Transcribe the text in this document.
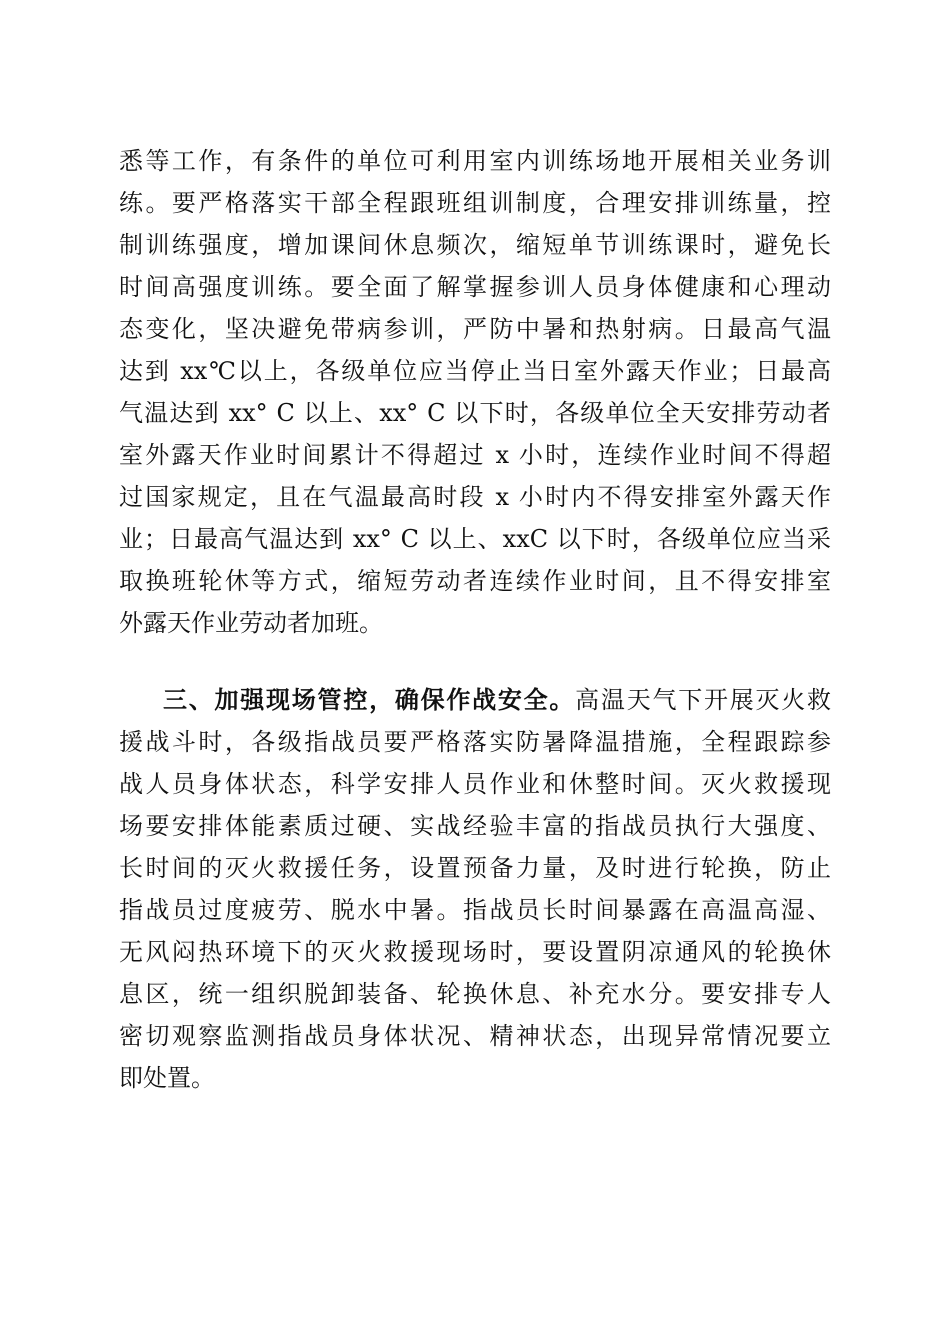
悉等工作，有条件的单位可利用室内训练场地开展相关业务训
练。要严格落实干部全程跟班组训制度，合理安排训练量，控
制训练强度，增加课间休息频次，缩短单节训练课时，避免长
时间高强度训练。要全面了解掌握参训人员身体健康和心理动
态变化，坚决避免带病参训，严防中暑和热射病。日最高气温
达到 xx℃以上，各级单位应当停止当日室外露天作业；日最高
气温达到 xx° C 以上、xx° C 以下时，各级单位全天安排劳动者
室外露天作业时间累计不得超过 x 小时，连续作业时间不得超
过国家规定，且在气温最高时段 x 小时内不得安排室外露天作
业；日最高气温达到 xx° C 以上、xxC 以下时，各级单位应当采
取换班轮休等方式，缩短劳动者连续作业时间，且不得安排室
外露天作业劳动者加班。
三、加强现场管控，确保作战安全。高温天气下开展灭火救
援战斗时，各级指战员要严格落实防暑降温措施，全程跟踪参
战人员身体状态，科学安排人员作业和休整时间。灭火救援现
场要安排体能素质过硬、实战经验丰富的指战员执行大强度、
长时间的灭火救援任务，设置预备力量，及时进行轮换，防止
指战员过度疲劳、脱水中暑。指战员长时间暴露在高温高湿、
无风闷热环境下的灭火救援现场时，要设置阴凉通风的轮换休
息区，统一组织脱卸装备、轮换休息、补充水分。要安排专人
密切观察监测指战员身体状况、精神状态，出现异常情况要立
即处置。
